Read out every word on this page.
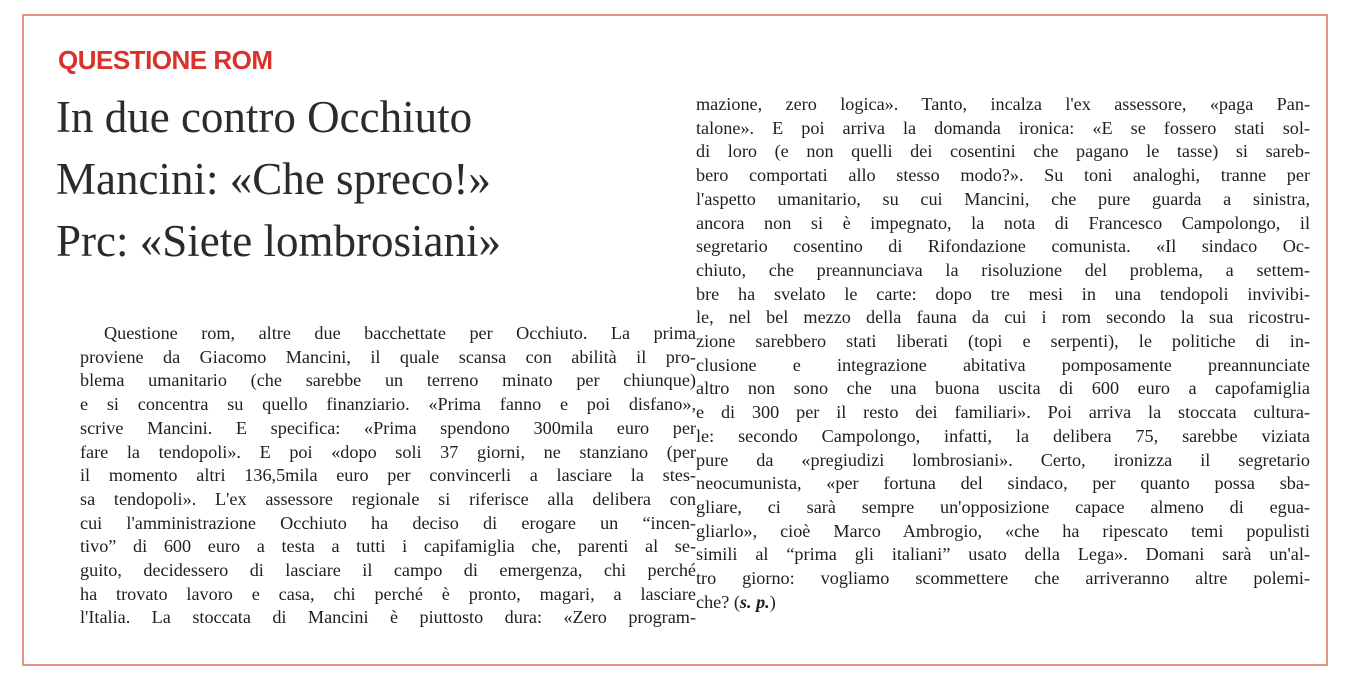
QUESTIONE ROM
In due contro Occhiuto
Mancini: «Che spreco!»
Prc: «Siete lombrosiani»

Questione rom, altre due bacchettate per Occhiuto. La prima

proviene da Giacomo Mancini, il quale scansa con abilità il pro-

blema umanitario (che sarebbe un terreno minato per chiunque)

e si concentra su quello finanziario. «Prima fanno e poi disfano»,

scrive Mancini. E specifica: «Prima spendono 300mila euro per

fare la tendopoli». E poi «dopo soli 37 giorni, ne stanziano (per

il momento altri 136,5mila euro per convincerli a lasciare la stes-

sa tendopoli». L'ex assessore regionale si riferisce alla delibera con

cui l'amministrazione Occhiuto ha deciso di erogare un “incen-

tivo” di 600 euro a testa a tutti i capifamiglia che, parenti al se-

guito, decidessero di lasciare il campo di emergenza, chi perché

ha trovato lavoro e casa, chi perché è pronto, magari, a lasciare

l'Italia. La stoccata di Mancini è piuttosto dura: «Zero program-

mazione, zero logica». Tanto, incalza l'ex assessore, «paga Pan-

talone». E poi arriva la domanda ironica: «E se fossero stati sol-

di loro (e non quelli dei cosentini che pagano le tasse) si sareb-

bero comportati allo stesso modo?». Su toni analoghi, tranne per

l'aspetto umanitario, su cui Mancini, che pure guarda a sinistra,

ancora non si è impegnato, la nota di Francesco Campolongo, il

segretario cosentino di Rifondazione comunista. «Il sindaco Oc-

chiuto, che preannunciava la risoluzione del problema, a settem-

bre ha svelato le carte: dopo tre mesi in una tendopoli invivibi-

le, nel bel mezzo della fauna da cui i rom secondo la sua ricostru-

zione sarebbero stati liberati (topi e serpenti), le politiche di in-

clusione e integrazione abitativa pomposamente preannunciate

altro non sono che una buona uscita di 600 euro a capofamiglia

e di 300 per il resto dei familiari». Poi arriva la stoccata cultura-

le: secondo Campolongo, infatti, la delibera 75, sarebbe viziata

pure da «pregiudizi lombrosiani». Certo, ironizza il segretario

neocumunista, «per fortuna del sindaco, per quanto possa sba-

gliare, ci sarà sempre un'opposizione capace almeno di egua-

gliarlo», cioè Marco Ambrogio, «che ha ripescato temi populisti

simili al “prima gli italiani” usato della Lega». Domani sarà un'al-

tro giorno: vogliamo scommettere che arriveranno altre polemi-

che? (s. p.)
